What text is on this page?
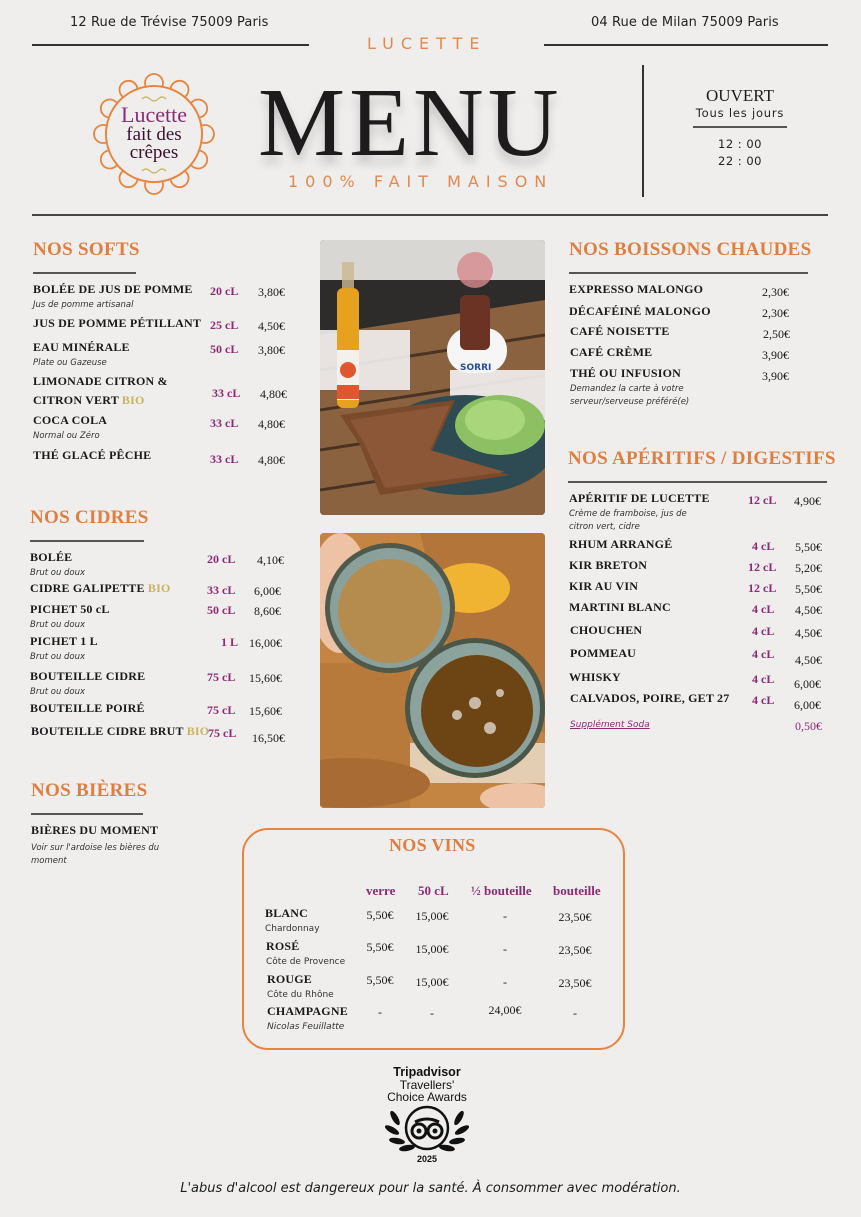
12 Rue de Trévise 75009 Paris	04 Rue de Milan 75009 Paris
LUCETTE
Lucette
fait des
crêpes MENU
100% FAIT MAISON
OUVERT
Tous les jours
12 : 00
22 : 00
NOS SOFTS
BOLÉE DE JUS DE POMME
Jus de pomme artisanal
20 cL 3,80€
JUS DE POMME PÉTILLANT 25 cL 4,50€
EAU MINÉRALE
Plate ou Gazeuse
50 cL 3,80€
LIMONADE CITRON &
CITRON VERT BIO	33 cL 4,80€
COCA COLA
Normal ou Zéro
33 cL 4,80€
THÉ GLACÉ PÊCHE	33 cL 4,80€
NOS CIDRES
BOLÉE
Brut ou doux
20 cL 4,10€
CIDRE GALIPETTE BIO	33 cL 6,00€
PICHET 50 cL
Brut ou doux
50 cL 8,60€
PICHET 1 L
Brut ou doux
1 L 16,00€
BOUTEILLE CIDRE
Brut ou doux
75 cL 15,60€
BOUTEILLE POIRÉ	75 cL 15,60€
BOUTEILLE CIDRE BRUT BIO
75 cL 16,50€
NOS BIÈRES
BIÈRES DU MOMENT
Voir sur l'ardoise les bières du
moment
SORRI
NOS BOISSONS CHAUDES
EXPRESSO MALONGO	2,30€
DÉCAFÉINÉ MALONGO	2,30€
CAFÉ NOISETTE	2,50€
CAFÉ CRÈME	3,90€
THÉ OU INFUSION
Demandez la carte à votre
serveur/serveuse préféré(e)
3,90€
NOS APÉRITIFS / DIGESTIFS
APÉRITIF DE LUCETTE
Crème de framboise, jus de
citron vert, cidre
12 cL 4,90€
RHUM ARRANGÉ	4 cL 5,50€
KIR BRETON	12 cL 5,20€
KIR AU VIN	12 cL 5,50€
MARTINI BLANC	4 cL 4,50€
CHOUCHEN	4 cL 4,50€
POMMEAU	4 cL 4,50€
WHISKY	4 cL 6,00€
CALVADOS, POIRE, GET 27 4 cL 6,00€
Supplément Soda	0,50€
NOS VINS
verre 50 cL ½ bouteille bouteille
BLANC
Chardonnay
5,50€	15,00€	-	23,50€
ROSÉ
Côte de Provence
5,50€	15,00€	-	23,50€
ROUGE
Côte du Rhône
5,50€	15,00€	-	23,50€
CHAMPAGNE
Nicolas Feuillatte
-	-	24,00€	-
Tripadvisor
Travellers'
Choice Awards
2025
L'abus d'alcool est dangereux pour la santé. À consommer avec modération.
